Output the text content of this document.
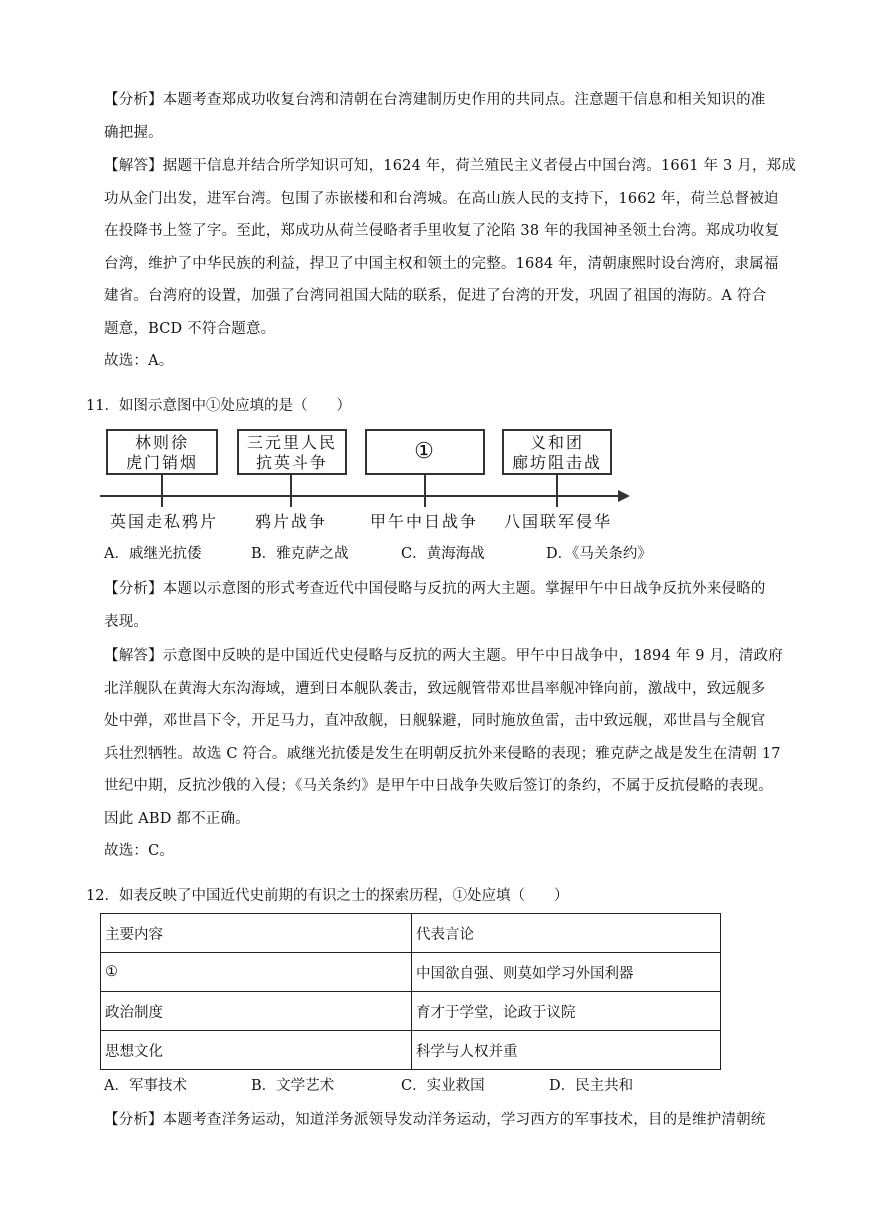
【分析】本题考查郑成功收复台湾和清朝在台湾建制历史作用的共同点。注意题干信息和相关知识的准
确把握。
【解答】据题干信息并结合所学知识可知，1624 年，荷兰殖民主义者侵占中国台湾。1661 年 3 月，郑成
功从金门出发，进军台湾。包围了赤嵌楼和和台湾城。在高山族人民的支持下，1662 年，荷兰总督被迫
在投降书上签了字。至此，郑成功从荷兰侵略者手里收复了沦陷 38 年的我国神圣领土台湾。郑成功收复
台湾，维护了中华民族的利益，捍卫了中国主权和领土的完整。1684 年，清朝康熙时设台湾府，隶属福
建省。台湾府的设置，加强了台湾同祖国大陆的联系，促进了台湾的开发，巩固了祖国的海防。A 符合
题意，BCD 不符合题意。
故选：A。
11．如图示意图中①处应填的是（　　）
林则徐
虎门销烟
三元里人民
抗英斗争	①	义和团
廊坊阻击战
英国走私鸦片 鸦片战争	甲午中日战争 八国联军侵华
A．戚继光抗倭	B．雅克萨之战	C．黄海海战	D．《马关条约》
【分析】本题以示意图的形式考查近代中国侵略与反抗的两大主题。掌握甲午中日战争反抗外来侵略的
表现。
【解答】示意图中反映的是中国近代史侵略与反抗的两大主题。甲午中日战争中，1894 年 9 月，清政府
北洋舰队在黄海大东沟海域，遭到日本舰队袭击，致远舰管带邓世昌率舰冲锋向前，激战中，致远舰多
处中弹，邓世昌下令，开足马力，直冲敌舰，日舰躲避，同时施放鱼雷，击中致远舰，邓世昌与全舰官
兵壮烈牺牲。故选 C 符合。戚继光抗倭是发生在明朝反抗外来侵略的表现；雅克萨之战是发生在清朝 17
世纪中期，反抗沙俄的入侵；《马关条约》是甲午中日战争失败后签订的条约，不属于反抗侵略的表现。
因此 ABD 都不正确。
故选：C。
12．如表反映了中国近代史前期的有识之士的探索历程，①处应填（　　）
主要内容	代表言论
①	中国欲自强、则莫如学习外国利器
政治制度	育才于学堂，论政于议院
思想文化	科学与人权并重
A．军事技术	B．文学艺术	C．实业救国	D．民主共和
【分析】本题考查洋务运动，知道洋务派领导发动洋务运动，学习西方的军事技术，目的是维护清朝统
